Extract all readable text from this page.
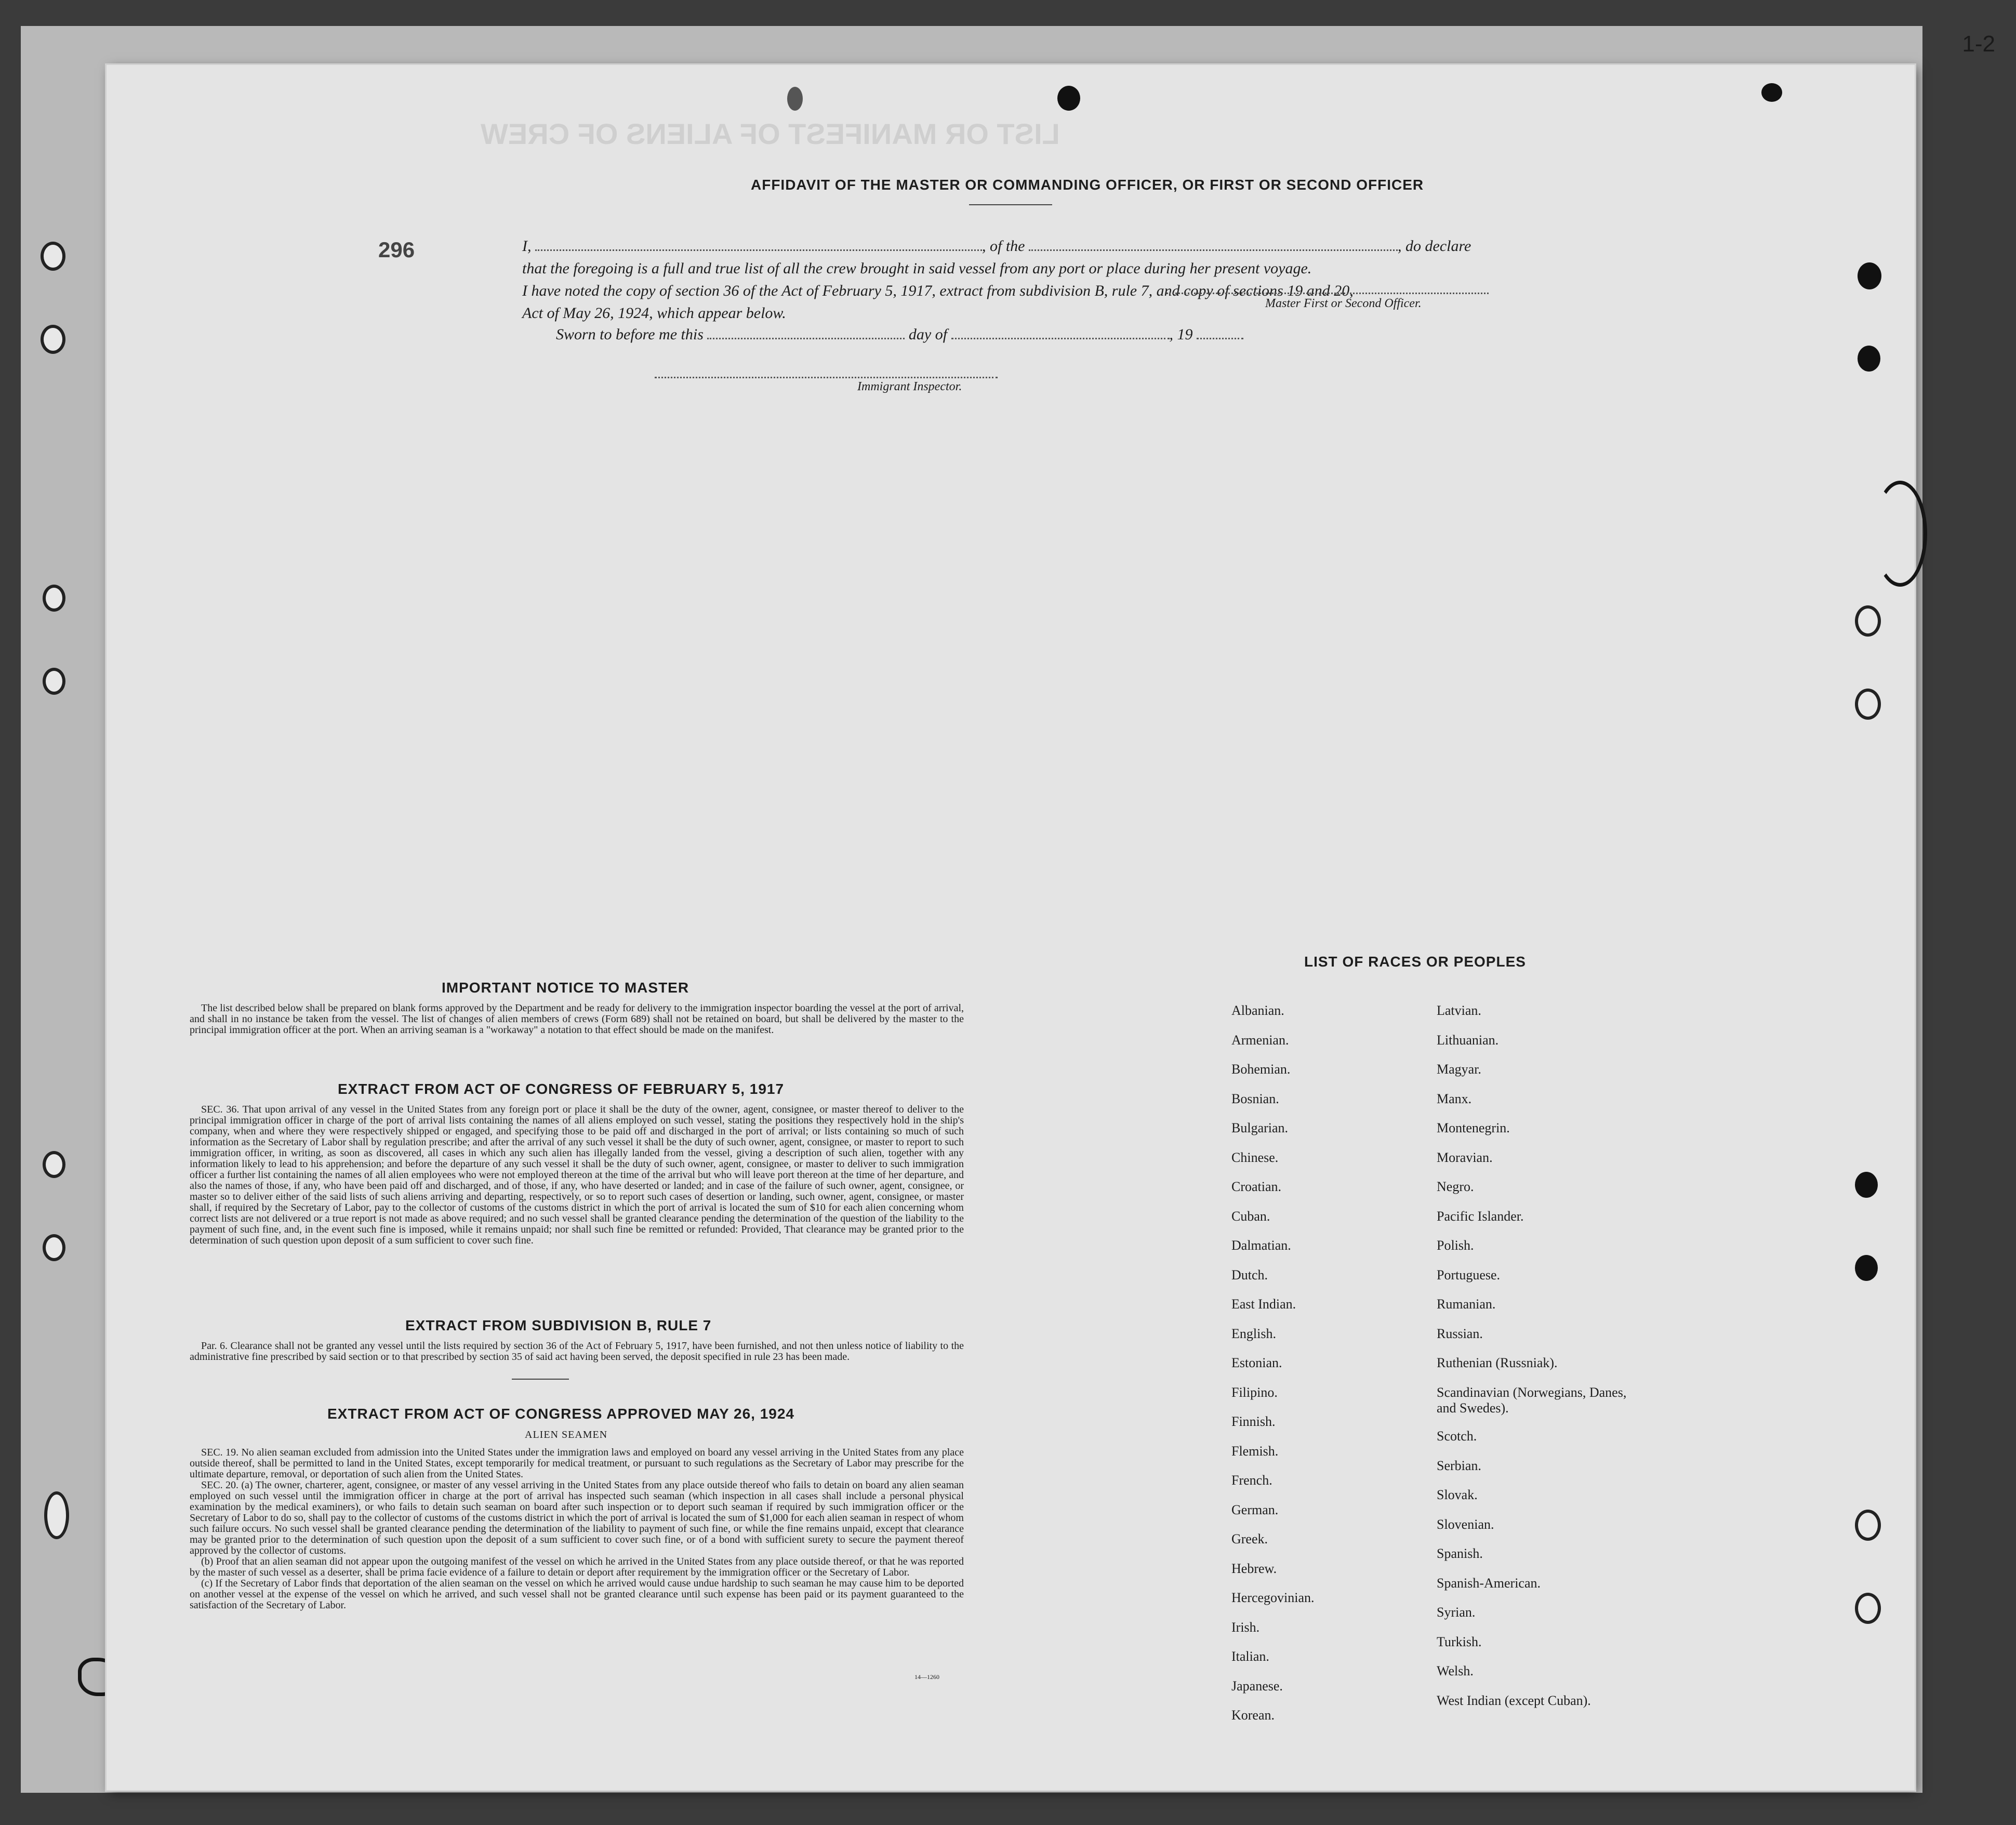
LIST OR MANIFEST OF ALIENS OF CREW
296
AFFIDAVIT OF THE MASTER OR COMMANDING OFFICER, OR FIRST OR SECOND OFFICER
I,	, of the	, do declare
that the foregoing is a full and true list of all the crew brought in said vessel from any port or place during her present voyage.
I have noted the copy of section 36 of the Act of February 5, 1917, extract from subdivision B, rule 7, and copy of sections 19 and 20,
Act of May 26, 1924, which appear below.
Master First or Second Officer.
Sworn to before me this	day of	, 19
Immigrant Inspector.
IMPORTANT NOTICE TO MASTER

The list described below shall be prepared on blank forms approved by the Department and be ready for delivery to the immigration inspector boarding the vessel at the port of arrival, and shall in no instance be taken from the vessel. The list of changes of alien members of crews (Form 689) shall not be retained on board, but shall be delivered by the master to the principal immigration officer at the port. When an arriving seaman is a "workaway" a notation to that effect should be made on the manifest.

EXTRACT FROM ACT OF CONGRESS OF FEBRUARY 5, 1917

SEC. 36. That upon arrival of any vessel in the United States from any foreign port or place it shall be the duty of the owner, agent, consignee, or master thereof to deliver to the principal immigration officer in charge of the port of arrival lists containing the names of all aliens employed on such vessel, stating the positions they respectively hold in the ship's company, when and where they were respectively shipped or engaged, and specifying those to be paid off and discharged in the port of arrival; or lists containing so much of such information as the Secretary of Labor shall by regulation prescribe; and after the arrival of any such vessel it shall be the duty of such owner, agent, consignee, or master to report to such immigration officer, in writing, as soon as discovered, all cases in which any such alien has illegally landed from the vessel, giving a description of such alien, together with any information likely to lead to his apprehension; and before the departure of any such vessel it shall be the duty of such owner, agent, consignee, or master to deliver to such immigration officer a further list containing the names of all alien employees who were not employed thereon at the time of the arrival but who will leave port thereon at the time of her departure, and also the names of those, if any, who have been paid off and discharged, and of those, if any, who have deserted or landed; and in case of the failure of such owner, agent, consignee, or master so to deliver either of the said lists of such aliens arriving and departing, respectively, or so to report such cases of desertion or landing, such owner, agent, consignee, or master shall, if required by the Secretary of Labor, pay to the collector of customs of the customs district in which the port of arrival is located the sum of $10 for each alien concerning whom correct lists are not delivered or a true report is not made as above required; and no such vessel shall be granted clearance pending the determination of the question of the liability to the payment of such fine, and, in the event such fine is imposed, while it remains unpaid; nor shall such fine be remitted or refunded: Provided, That clearance may be granted prior to the determination of such question upon deposit of a sum sufficient to cover such fine.

EXTRACT FROM SUBDIVISION B, RULE 7

Par. 6. Clearance shall not be granted any vessel until the lists required by section 36 of the Act of February 5, 1917, have been furnished, and not then unless notice of liability to the administrative fine prescribed by said section or to that prescribed by section 35 of said act having been served, the deposit specified in rule 23 has been made.

EXTRACT FROM ACT OF CONGRESS APPROVED MAY 26, 1924
ALIEN SEAMEN

SEC. 19. No alien seaman excluded from admission into the United States under the immigration laws and employed on board any vessel arriving in the United States from any place outside thereof, shall be permitted to land in the United States, except temporarily for medical treatment, or pursuant to such regulations as the Secretary of Labor may prescribe for the ultimate departure, removal, or deportation of such alien from the United States.

SEC. 20. (a) The owner, charterer, agent, consignee, or master of any vessel arriving in the United States from any place outside thereof who fails to detain on board any alien seaman employed on such vessel until the immigration officer in charge at the port of arrival has inspected such seaman (which inspection in all cases shall include a personal physical examination by the medical examiners), or who fails to detain such seaman on board after such inspection or to deport such seaman if required by such immigration officer or the Secretary of Labor to do so, shall pay to the collector of customs of the customs district in which the port of arrival is located the sum of $1,000 for each alien seaman in respect of whom such failure occurs. No such vessel shall be granted clearance pending the determination of the liability to payment of such fine, or while the fine remains unpaid, except that clearance may be granted prior to the determination of such question upon the deposit of a sum sufficient to cover such fine, or of a bond with sufficient surety to secure the payment thereof approved by the collector of customs.

(b) Proof that an alien seaman did not appear upon the outgoing manifest of the vessel on which he arrived in the United States from any place outside thereof, or that he was reported by the master of such vessel as a deserter, shall be prima facie evidence of a failure to detain or deport after requirement by the immigration officer or the Secretary of Labor.

(c) If the Secretary of Labor finds that deportation of the alien seaman on the vessel on which he arrived would cause undue hardship to such seaman he may cause him to be deported on another vessel at the expense of the vessel on which he arrived, and such vessel shall not be granted clearance until such expense has been paid or its payment guaranteed to the satisfaction of the Secretary of Labor.

14—1260
LIST OF RACES OR PEOPLES
Albanian.
Armenian.
Bohemian.
Bosnian.
Bulgarian.
Chinese.
Croatian.
Cuban.
Dalmatian.
Dutch.
East Indian.
English.
Estonian.
Filipino.
Finnish.
Flemish.
French.
German.
Greek.
Hebrew.
Hercegovinian.
Irish.
Italian.
Japanese.
Korean.
Latvian.
Lithuanian.
Magyar.
Manx.
Montenegrin.
Moravian.
Negro.
Pacific Islander.
Polish.
Portuguese.
Rumanian.
Russian.
Ruthenian (Russniak).
Scandinavian (Norwegians, Danes, and Swedes).
Scotch.
Serbian.
Slovak.
Slovenian.
Spanish.
Spanish-American.
Syrian.
Turkish.
Welsh.
West Indian (except Cuban).
1-2
